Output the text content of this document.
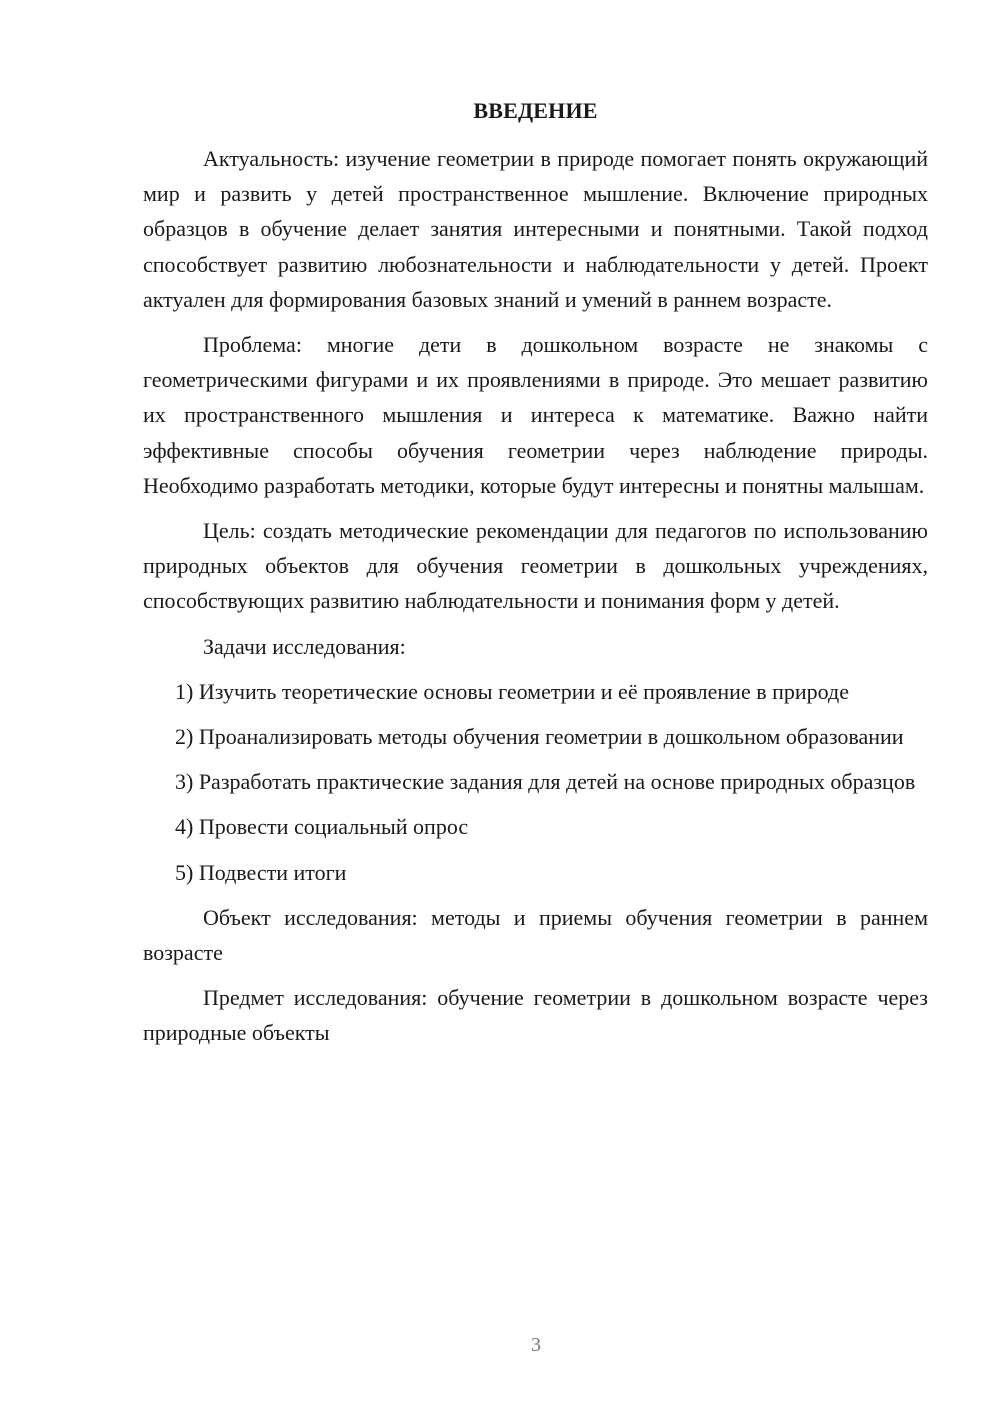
ВВЕДЕНИЕ

Актуальность: изучение геометрии в природе помогает понять окружающий мир и развить у детей пространственное мышление. Включение природных образцов в обучение делает занятия интересными и понятными. Такой подход способствует развитию любознательности и наблюдательности у детей. Проект актуален для формирования базовых знаний и умений в раннем возрасте.

Проблема: многие дети в дошкольном возрасте не знакомы с геометрическими фигурами и их проявлениями в природе. Это мешает развитию их пространственного мышления и интереса к математике. Важно найти эффективные способы обучения геометрии через наблюдение природы. Необходимо разработать методики, которые будут интересны и понятны малышам.

Цель: создать методические рекомендации для педагогов по использованию природных объектов для обучения геометрии в дошкольных учреждениях, способствующих развитию наблюдательности и понимания форм у детей.

Задачи исследования:

1) Изучить теоретические основы геометрии и её проявление в природе

2) Проанализировать методы обучения геометрии в дошкольном образовании

3) Разработать практические задания для детей на основе природных образцов

4) Провести социальный опрос

5) Подвести итоги

Объект исследования: методы и приемы обучения геометрии в раннем возрасте

Предмет исследования: обучение геометрии в дошкольном возрасте через природные объекты

3
